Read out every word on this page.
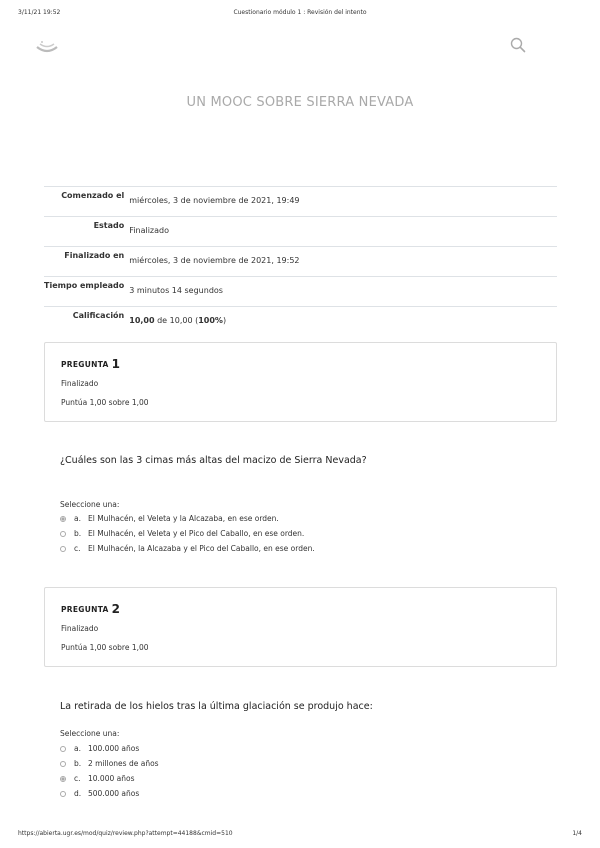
3/11/21 19:52	Cuestionario módulo 1 : Revisión del intento
UN MOOC SOBRE SIERRA NEVADA
Comenzado el	miércoles, 3 de noviembre de 2021, 19:49
Estado	Finalizado
Finalizado en	miércoles, 3 de noviembre de 2021, 19:52
Tiempo empleado	3 minutos 14 segundos
Calificación	10,00 de 10,00 (100%)
PREGUNTA 1
Finalizado
Puntúa 1,00 sobre 1,00
¿Cuáles son las 3 cimas más altas del macizo de Sierra Nevada?
Seleccione una:
a. El Mulhacén, el Veleta y la Alcazaba, en ese orden.
b. El Mulhacén, el Veleta y el Pico del Caballo, en ese orden.
c. El Mulhacén, la Alcazaba y el Pico del Caballo, en ese orden.
PREGUNTA 2
Finalizado
Puntúa 1,00 sobre 1,00
La retirada de los hielos tras la última glaciación se produjo hace:
Seleccione una:
a. 100.000 años
b. 2 millones de años
c. 10.000 años
d. 500.000 años
https://abierta.ugr.es/mod/quiz/review.php?attempt=44188&cmid=510	1/4
